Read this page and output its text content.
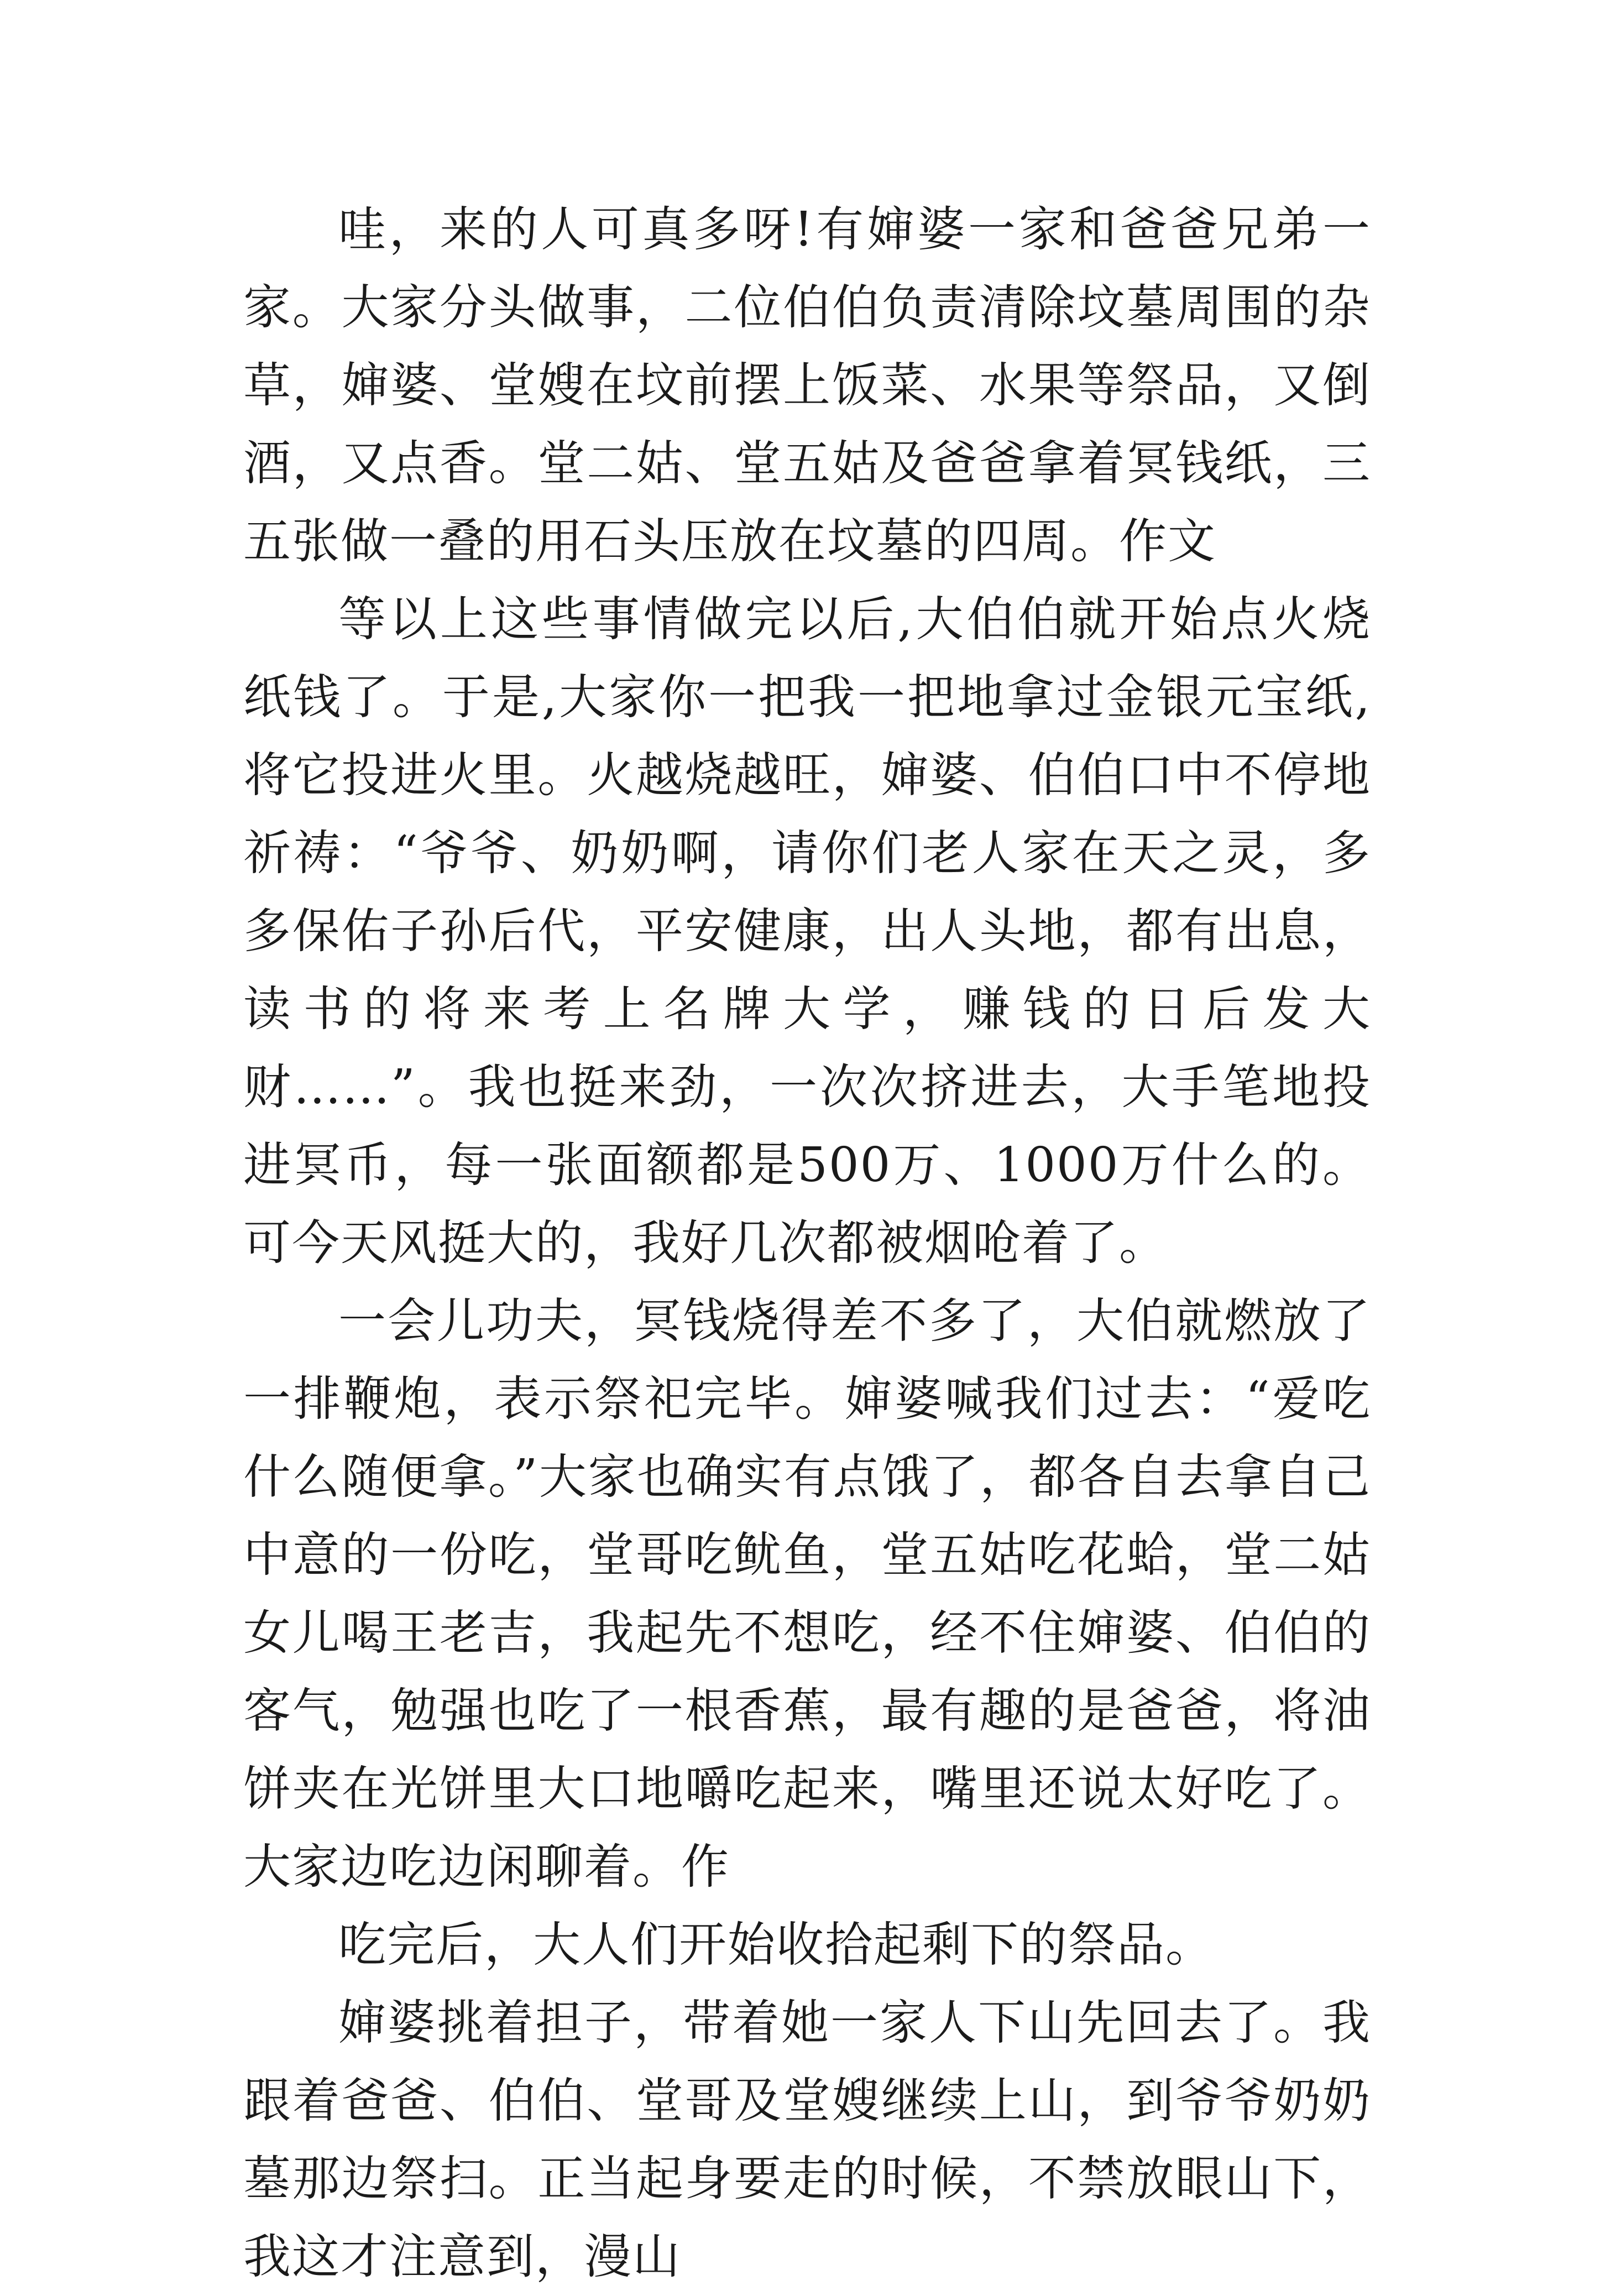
哇，来的人可真多呀!有婶婆一家和爸爸兄弟一家。大家分头做事，二位伯伯负责清除坟墓周围的杂草，婶婆、堂嫂在坟前摆上饭菜、水果等祭品，又倒酒，又点香。堂二姑、堂五姑及爸爸拿着冥钱纸，三五张做一叠的用石头压放在坟墓的四周。作文

等以上这些事情做完以后,大伯伯就开始点火烧纸钱了。于是,大家你一把我一把地拿过金银元宝纸,将它投进火里。火越烧越旺，婶婆、伯伯口中不停地祈祷：“爷爷、奶奶啊，请你们老人家在天之灵，多多保佑子孙后代，平安健康，出人头地，都有出息，读书的将来考上名牌大学，赚钱的日后发大财……”。我也挺来劲，一次次挤进去，大手笔地投进冥币，每一张面额都是500万、1000万什么的。可今天风挺大的，我好几次都被烟呛着了。

一会儿功夫，冥钱烧得差不多了，大伯就燃放了一排鞭炮，表示祭祀完毕。婶婆喊我们过去：“爱吃什么随便拿。”大家也确实有点饿了，都各自去拿自己中意的一份吃，堂哥吃鱿鱼，堂五姑吃花蛤，堂二姑女儿喝王老吉，我起先不想吃，经不住婶婆、伯伯的客气，勉强也吃了一根香蕉，最有趣的是爸爸，将油饼夹在光饼里大口地嚼吃起来，嘴里还说太好吃了。大家边吃边闲聊着。作

吃完后，大人们开始收拾起剩下的祭品。

婶婆挑着担子，带着她一家人下山先回去了。我跟着爸爸、伯伯、堂哥及堂嫂继续上山，到爷爷奶奶墓那边祭扫。正当起身要走的时候，不禁放眼山下，我这才注意到，漫山
